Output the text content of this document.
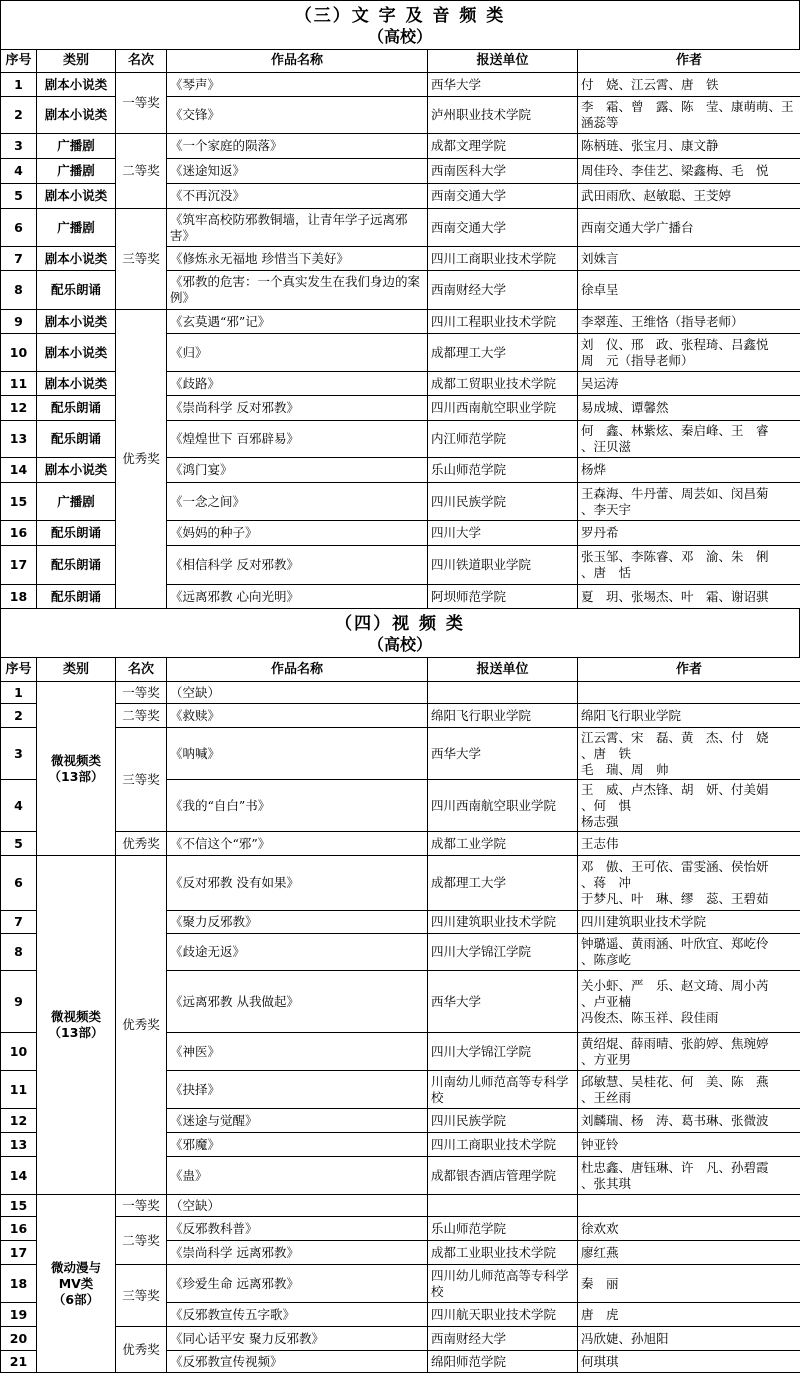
（三）文 字 及 音 频 类
（高校）
序号	类别	名次	作品名称	报送单位	作者
1	剧本小说类	一等奖	《琴声》	西华大学	付　娆、江云霄、唐　铁
2	剧本小说类		《交锋》	泸州职业技术学院	李　霜、曾　露、陈　莹、康萌萌、王涵蕊等
3	广播剧	二等奖	《一个家庭的陨落》	成都文理学院	陈柄琏、张宝月、康文静
4	广播剧		《迷途知返》	西南医科大学	周佳玲、李佳艺、梁鑫梅、毛　悦
5	剧本小说类		《不再沉没》	西南交通大学	武田雨欣、赵敏聪、王芠婷
6	广播剧	三等奖	《筑牢高校防邪教铜墙，让青年学子远离邪害》	西南交通大学	西南交通大学广播台
7	剧本小说类		《修炼永无福地 珍惜当下美好》	四川工商职业技术学院	刘姝言
8	配乐朗诵		《邪教的危害：一个真实发生在我们身边的案例》	西南财经大学	徐卓呈
9	剧本小说类	优秀奖	《玄莫遇“邪”记》	四川工程职业技术学院	李翠莲、王维恪（指导老师）
10	剧本小说类		《归》	成都理工大学	刘　仪、邢　政、张程琦、吕鑫悦
周　元（指导老师）
11	剧本小说类		《歧路》	成都工贸职业技术学院	吴运涛
12	配乐朗诵		《崇尚科学 反对邪教》	四川西南航空职业学院	易成城、谭馨然
13	配乐朗诵		《煌煌世下 百邪辟易》	内江师范学院	何　鑫、林紫炫、秦启峰、王　睿
、汪贝滋
14	剧本小说类		《鸿门宴》	乐山师范学院	杨烨
15	广播剧		《一念之间》	四川民族学院	王森海、牛丹蕾、周芸如、闵昌菊
、李天宇
16	配乐朗诵		《妈妈的种子》	四川大学	罗丹希
17	配乐朗诵		《相信科学 反对邪教》	四川铁道职业学院	张玉邹、李陈睿、邓　渝、朱　俐
、唐　恬
18	配乐朗诵		《远离邪教 心向光明》	阿坝师范学院	夏　玥、张埸杰、叶　霜、谢诏骐
（四）视 频 类
（高校）
序号	类别	名次	作品名称	报送单位	作者
1	微视频类
（13部）	一等奖	（空缺）		
2		二等奖	《救赎》	绵阳飞行职业学院	绵阳飞行职业学院
3		三等奖	《呐喊》	西华大学	江云霄、宋　磊、黄　杰、付　娆
、唐　铁
毛　瑞、周　帅
4			《我的“自白”书》	四川西南航空职业学院	王　威、卢杰锋、胡　妍、付美娟
、何　惧
杨志强
5		优秀奖	《不信这个“邪”》	成都工业学院	王志伟
6	微视频类
（13部）	优秀奖	《反对邪教 没有如果》	成都理工大学	邓　傲、王可依、雷雯涵、侯怡妍
、蒋　冲
于梦凡、叶　琳、缪　蕊、王碧茹
7			《聚力反邪教》	四川建筑职业技术学院	四川建筑职业技术学院
8			《歧途无返》	四川大学锦江学院	钟璐遥、黄雨涵、叶欣宜、郑屹伶
、陈彦屹
9			《远离邪教 从我做起》	西华大学	关小虾、严　乐、赵文琦、周小芮
、卢亚楠
冯俊杰、陈玉祥、段佳雨
10			《神医》	四川大学锦江学院	黄绍焜、薛雨晴、张韵婷、焦琬婷
、方亚男
11			《抉择》	川南幼儿师范高等专科学校	邱敏慧、吴桂花、何　美、陈　燕
、王丝雨
12			《迷途与觉醒》	四川民族学院	刘麟瑞、杨　涛、葛书琳、张微波
13			《邪魔》	四川工商职业技术学院	钟亚铃
14			《蛊》	成都银杏酒店管理学院	杜忠鑫、唐钰琳、许　凡、孙碧霞
、张其琪
15	微动漫与
MV类
（6部）	一等奖	（空缺）		
16		二等奖	《反邪教科普》	乐山师范学院	徐欢欢
17			《崇尚科学 远离邪教》	成都工业职业技术学院	廖红燕
18		三等奖	《珍爱生命 远离邪教》	四川幼儿师范高等专科学校	秦　丽
19			《反邪教宣传五字歌》	四川航天职业技术学院	唐　虎
20		优秀奖	《同心话平安 聚力反邪教》	西南财经大学	冯欣婕、孙旭阳
21			《反邪教宣传视频》	绵阳师范学院	何琪琪
